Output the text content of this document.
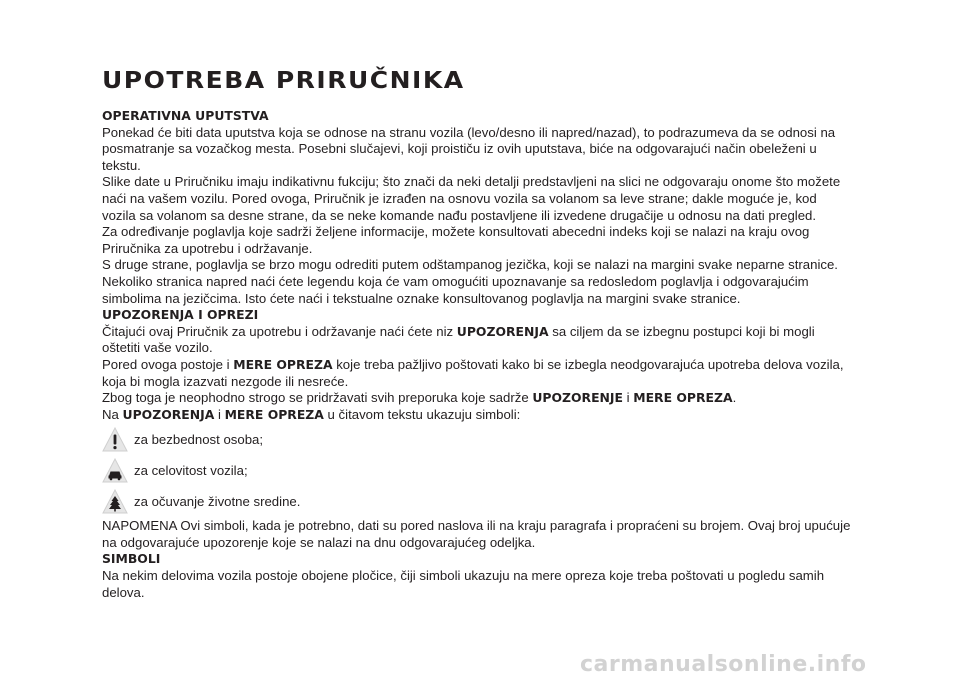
UPOTREBA PRIRUČNIKA

OPERATIVNA UPUTSTVA

Ponekad će biti data uputstva koja se odnose na stranu vozila (levo/desno ili napred/nazad), to podrazumeva da se odnosi na posmatranje sa vozačkog mesta. Posebni slučajevi, koji proističu iz ovih uputstava, biće na odgovarajući način obeleženi u tekstu.

Slike date u Priručniku imaju indikativnu fukciju; što znači da neki detalji predstavljeni na slici ne odgovaraju onome što možete naći na vašem vozilu. Pored ovoga, Priručnik je izrađen na osnovu vozila sa volanom sa leve strane; dakle moguće je, kod vozila sa volanom sa desne strane, da se neke komande nađu postavljene ili izvedene drugačije u odnosu na dati pregled.

Za određivanje poglavlja koje sadrži željene informacije, možete konsultovati abecedni indeks koji se nalazi na kraju ovog Priručnika za upotrebu i održavanje.

S druge strane, poglavlja se brzo mogu odrediti putem odštampanog jezička, koji se nalazi na margini svake neparne stranice. Nekoliko stranica napred naći ćete legendu koja će vam omogućiti upoznavanje sa redosledom poglavlja i odgovarajućim simbolima na jezičcima. Isto ćete naći i tekstualne oznake konsultovanog poglavlja na margini svake stranice.

UPOZORENJA I OPREZI

Čitajući ovaj Priručnik za upotrebu i održavanje naći ćete niz UPOZORENJA sa ciljem da se izbegnu postupci koji bi mogli oštetiti vaše vozilo.

Pored ovoga postoje i MERE OPREZA koje treba pažljivo poštovati kako bi se izbegla neodgovarajuća upotreba delova vozila, koja bi mogla izazvati nezgode ili nesreće.

Zbog toga je neophodno strogo se pridržavati svih preporuka koje sadrže UPOZORENJE i MERE OPREZA.

Na UPOZORENJA i MERE OPREZA u čitavom tekstu ukazuju simboli:

za bezbednost osoba;
za celovitost vozila;
za očuvanje životne sredine.

NAPOMENA Ovi simboli, kada je potrebno, dati su pored naslova ili na kraju paragrafa i propraćeni su brojem. Ovaj broj upućuje na odgovarajuće upozorenje koje se nalazi na dnu odgovarajućeg odeljka.

SIMBOLI

Na nekim delovima vozila postoje obojene pločice, čiji simboli ukazuju na mere opreza koje treba poštovati u pogledu samih delova.

carmanualsonline.info
